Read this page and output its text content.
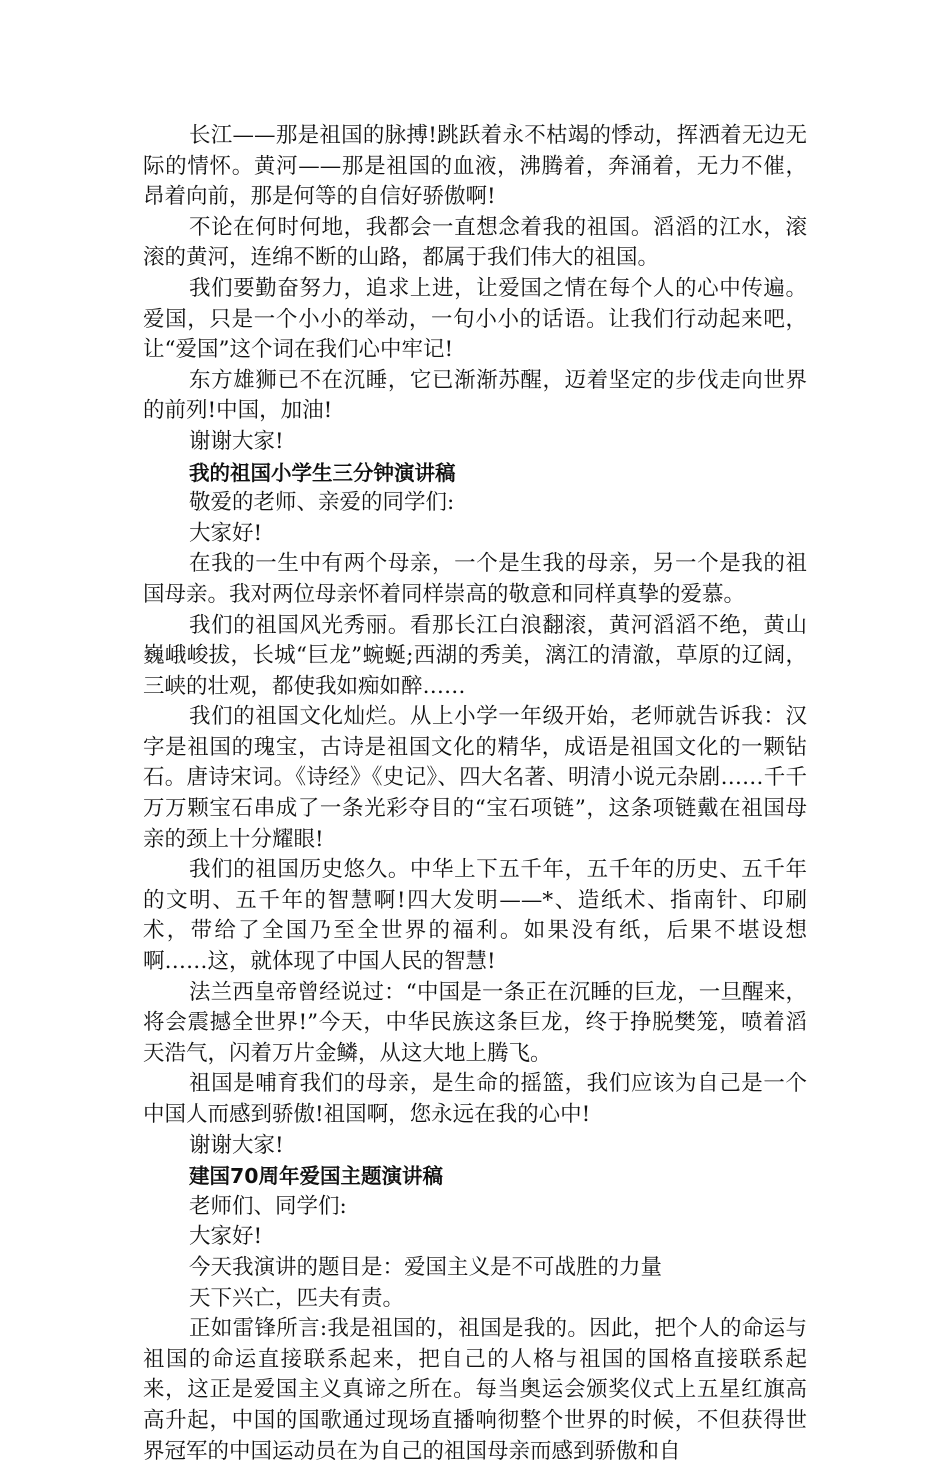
长江——那是祖国的脉搏!跳跃着永不枯竭的悸动，挥洒着无边无际的情怀。黄河——那是祖国的血液，沸腾着，奔涌着，无力不催，昂着向前，那是何等的自信好骄傲啊!

不论在何时何地，我都会一直想念着我的祖国。滔滔的江水，滚滚的黄河，连绵不断的山路，都属于我们伟大的祖国。

我们要勤奋努力，追求上进，让爱国之情在每个人的心中传遍。爱国，只是一个小小的举动，一句小小的话语。让我们行动起来吧，让“爱国”这个词在我们心中牢记!

东方雄狮已不在沉睡，它已渐渐苏醒，迈着坚定的步伐走向世界的前列!中国，加油!

谢谢大家!

我的祖国小学生三分钟演讲稿

敬爱的老师、亲爱的同学们:

大家好!

在我的一生中有两个母亲，一个是生我的母亲，另一个是我的祖国母亲。我对两位母亲怀着同样崇高的敬意和同样真挚的爱慕。

我们的祖国风光秀丽。看那长江白浪翻滚，黄河滔滔不绝，黄山巍峨峻拔，长城“巨龙”蜿蜒;西湖的秀美，漓江的清澈，草原的辽阔，三峡的壮观，都使我如痴如醉……

我们的祖国文化灿烂。从上小学一年级开始，老师就告诉我：汉字是祖国的瑰宝，古诗是祖国文化的精华，成语是祖国文化的一颗钻石。唐诗宋词。《诗经》《史记》、四大名著、明清小说元杂剧……千千万万颗宝石串成了一条光彩夺目的“宝石项链”，这条项链戴在祖国母亲的颈上十分耀眼!

我们的祖国历史悠久。中华上下五千年，五千年的历史、五千年的文明、五千年的智慧啊!四大发明——*、造纸术、指南针、印刷术，带给了全国乃至全世界的福利。如果没有纸，后果不堪设想啊……这，就体现了中国人民的智慧!

法兰西皇帝曾经说过：“中国是一条正在沉睡的巨龙，一旦醒来，将会震撼全世界!”今天，中华民族这条巨龙，终于挣脱樊笼，喷着滔天浩气，闪着万片金鳞，从这大地上腾飞。

祖国是哺育我们的母亲，是生命的摇篮，我们应该为自己是一个中国人而感到骄傲!祖国啊，您永远在我的心中!

谢谢大家!

建国70周年爱国主题演讲稿

老师们、同学们:

大家好!

今天我演讲的题目是：爱国主义是不可战胜的力量

天下兴亡，匹夫有责。

正如雷锋所言:我是祖国的，祖国是我的。因此，把个人的命运与祖国的命运直接联系起来，把自己的人格与祖国的国格直接联系起来，这正是爱国主义真谛之所在。每当奥运会颁奖仪式上五星红旗高高升起，中国的国歌通过现场直播响彻整个世界的时候，不但获得世界冠军的中国运动员在为自己的祖国母亲而感到骄傲和自
